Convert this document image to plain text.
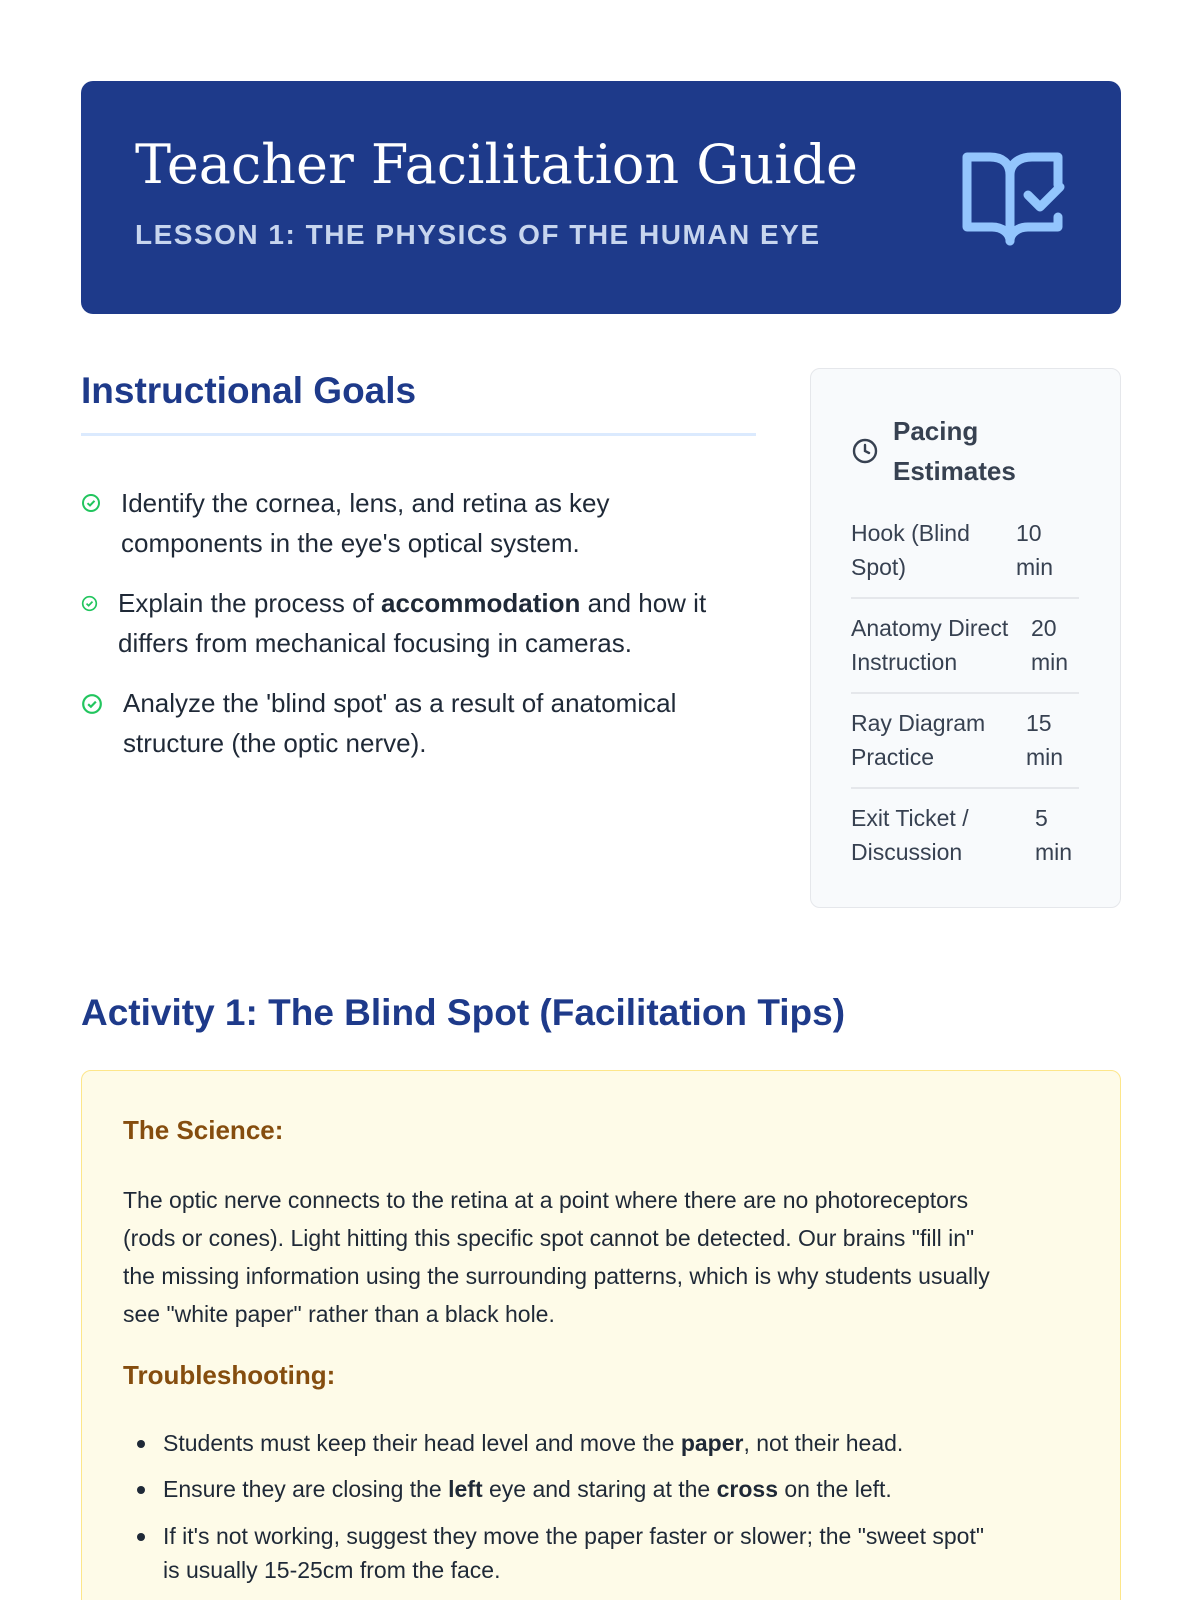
Teacher Facilitation Guide
LESSON 1: THE PHYSICS OF THE HUMAN EYE
Instructional Goals
Identify the cornea, lens, and retina as key
components in the eye's optical system.
Explain the process of accommodation and how it
differs from mechanical focusing in cameras.
Analyze the 'blind spot' as a result of anatomical
structure (the optic nerve).
Pacing
Estimates
Hook (Blind
Spot)
10
min
Anatomy Direct
Instruction
20
min
Ray Diagram
Practice
15
min
Exit Ticket /
Discussion
5
min
Activity 1: The Blind Spot (Facilitation Tips)
The Science:
The optic nerve connects to the retina at a point where there are no photoreceptors
(rods or cones). Light hitting this specific spot cannot be detected. Our brains "fill in"
the missing information using the surrounding patterns, which is why students usually
see "white paper" rather than a black hole.
Troubleshooting:
Students must keep their head level and move the paper, not their head.
Ensure they are closing the left eye and staring at the cross on the left.
If it's not working, suggest they move the paper faster or slower; the "sweet spot"
is usually 15-25cm from the face.
